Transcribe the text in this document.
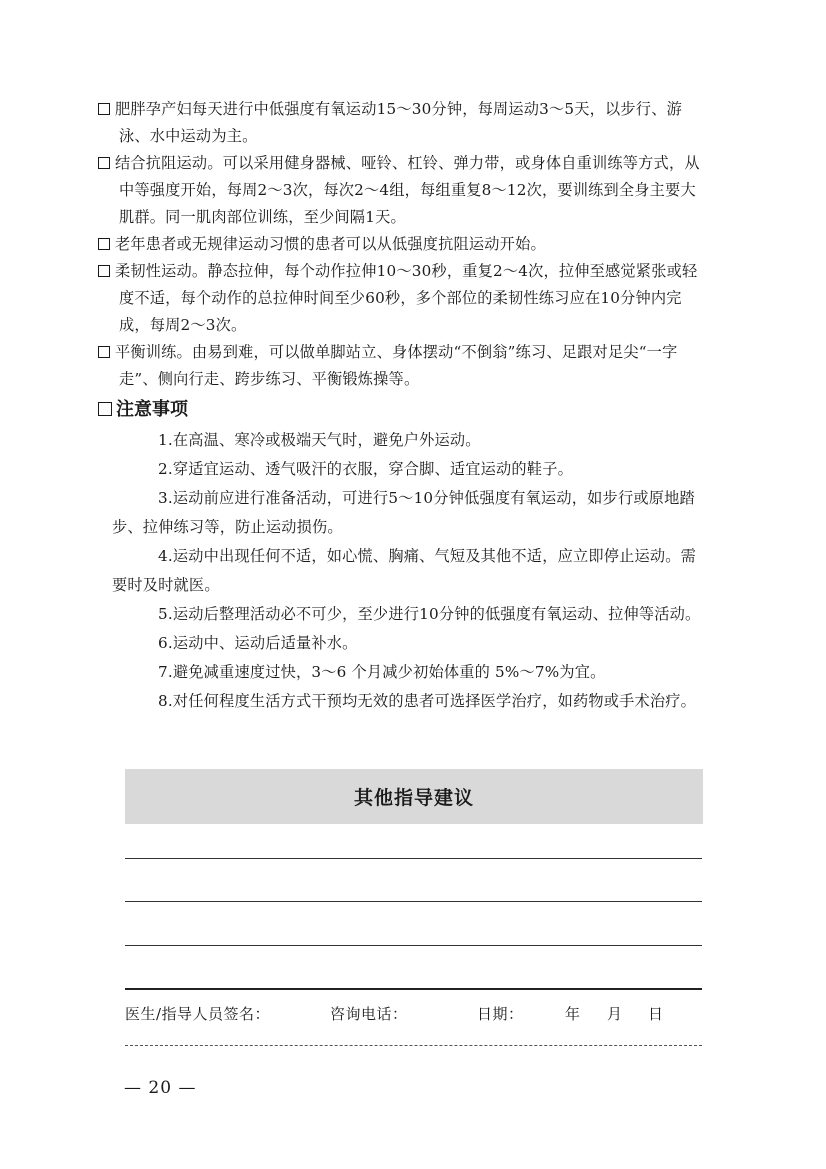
肥胖孕产妇每天进行中低强度有氧运动15～30分钟，每周运动3～5天，以步行、游泳、水中运动为主。
结合抗阻运动。可以采用健身器械、哑铃、杠铃、弹力带，或身体自重训练等方式，从中等强度开始，每周2～3次，每次2～4组，每组重复8～12次，要训练到全身主要大肌群。同一肌肉部位训练，至少间隔1天。
老年患者或无规律运动习惯的患者可以从低强度抗阻运动开始。
柔韧性运动。静态拉伸，每个动作拉伸10～30秒，重复2～4次，拉伸至感觉紧张或轻度不适，每个动作的总拉伸时间至少60秒，多个部位的柔韧性练习应在10分钟内完成，每周2～3次。
平衡训练。由易到难，可以做单脚站立、身体摆动“不倒翁”练习、足跟对足尖“一字走”、侧向行走、跨步练习、平衡锻炼操等。
注意事项
1.在高温、寒冷或极端天气时，避免户外运动。
2.穿适宜运动、透气吸汗的衣服，穿合脚、适宜运动的鞋子。
3.运动前应进行准备活动，可进行5～10分钟低强度有氧运动，如步行或原地踏步、拉伸练习等，防止运动损伤。
4.运动中出现任何不适，如心慌、胸痛、气短及其他不适，应立即停止运动。需要时及时就医。
5.运动后整理活动必不可少，至少进行10分钟的低强度有氧运动、拉伸等活动。
6.运动中、运动后适量补水。
7.避免减重速度过快，3～6 个月减少初始体重的 5%～7%为宜。
8.对任何程度生活方式干预均无效的患者可选择医学治疗，如药物或手术治疗。
其他指导建议
医生/指导人员签名：	咨询电话：	日期：	年 月 日
— 20 —
